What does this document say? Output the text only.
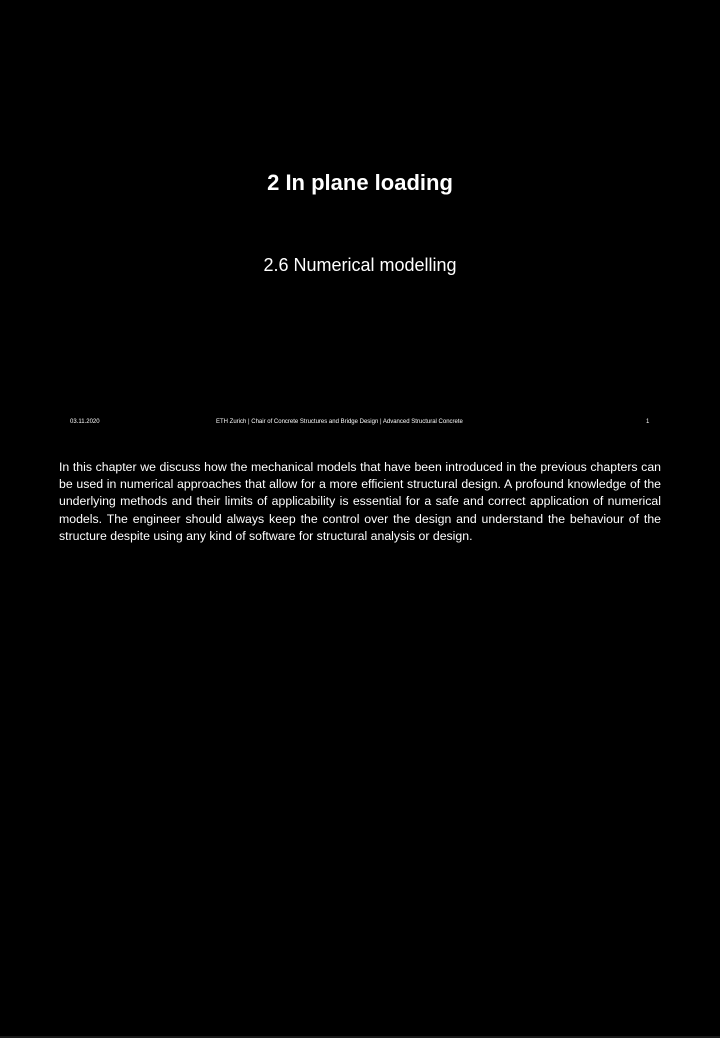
2 In plane loading
2.6 Numerical modelling
03.11.2020	ETH Zurich | Chair of Concrete Structures and Bridge Design | Advanced Structural Concrete	1
In this chapter we discuss how the mechanical models that have been introduced in the previous chapters can be used in numerical approaches that allow for a more efficient structural design. A profound knowledge of the underlying methods and their limits of applicability is essential for a safe and correct application of numerical models. The engineer should always keep the control over the design and understand the behaviour of the structure despite using any kind of software for structural analysis or design.
